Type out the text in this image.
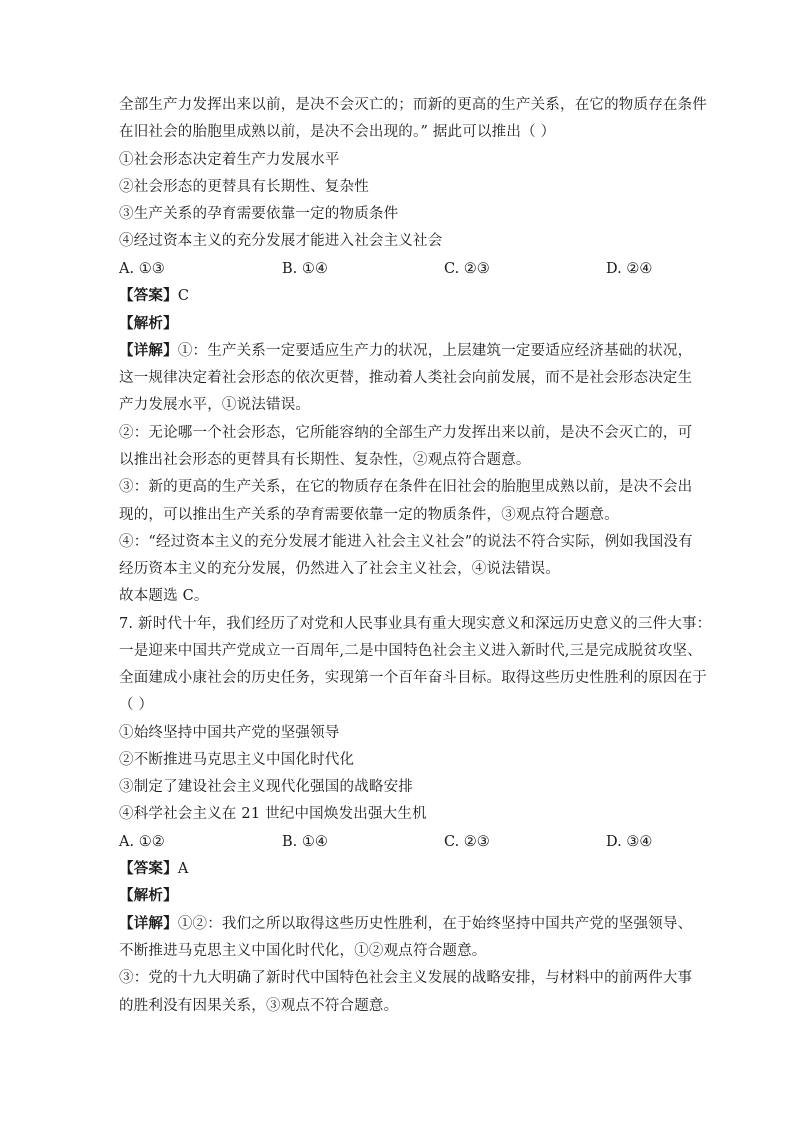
全部生产力发挥出来以前，是决不会灭亡的；而新的更高的生产关系，在它的物质存在条件
在旧社会的胎胞里成熟以前，是决不会出现的。” 据此可以推出（ ）
①社会形态决定着生产力发展水平
②社会形态的更替具有长期性、复杂性
③生产关系的孕育需要依靠一定的物质条件
④经过资本主义的充分发展才能进入社会主义社会
A. ①③	B. ①④	C. ②③	D. ②④
【答案】C
【解析】
【详解】①：生产关系一定要适应生产力的状况，上层建筑一定要适应经济基础的状况，
这一规律决定着社会形态的依次更替，推动着人类社会向前发展，而不是社会形态决定生
产力发展水平，①说法错误。
②：无论哪一个社会形态，它所能容纳的全部生产力发挥出来以前，是决不会灭亡的，可
以推出社会形态的更替具有长期性、复杂性，②观点符合题意。
③：新的更高的生产关系，在它的物质存在条件在旧社会的胎胞里成熟以前，是决不会出
现的，可以推出生产关系的孕育需要依靠一定的物质条件，③观点符合题意。
④：“经过资本主义的充分发展才能进入社会主义社会”的说法不符合实际，例如我国没有
经历资本主义的充分发展，仍然进入了社会主义社会，④说法错误。
故本题选 C。
7. 新时代十年，我们经历了对党和人民事业具有重大现实意义和深远历史意义的三件大事：
一是迎来中国共产党成立一百周年,二是中国特色社会主义进入新时代,三是完成脱贫攻坚、
全面建成小康社会的历史任务，实现第一个百年奋斗目标。取得这些历史性胜利的原因在于
（ ）
①始终坚持中国共产党的坚强领导
②不断推进马克思主义中国化时代化
③制定了建设社会主义现代化强国的战略安排
④科学社会主义在 21 世纪中国焕发出强大生机
A. ①②	B. ①④	C. ②③	D. ③④
【答案】A
【解析】
【详解】①②：我们之所以取得这些历史性胜利，在于始终坚持中国共产党的坚强领导、
不断推进马克思主义中国化时代化，①②观点符合题意。
③：党的十九大明确了新时代中国特色社会主义发展的战略安排，与材料中的前两件大事
的胜利没有因果关系，③观点不符合题意。
